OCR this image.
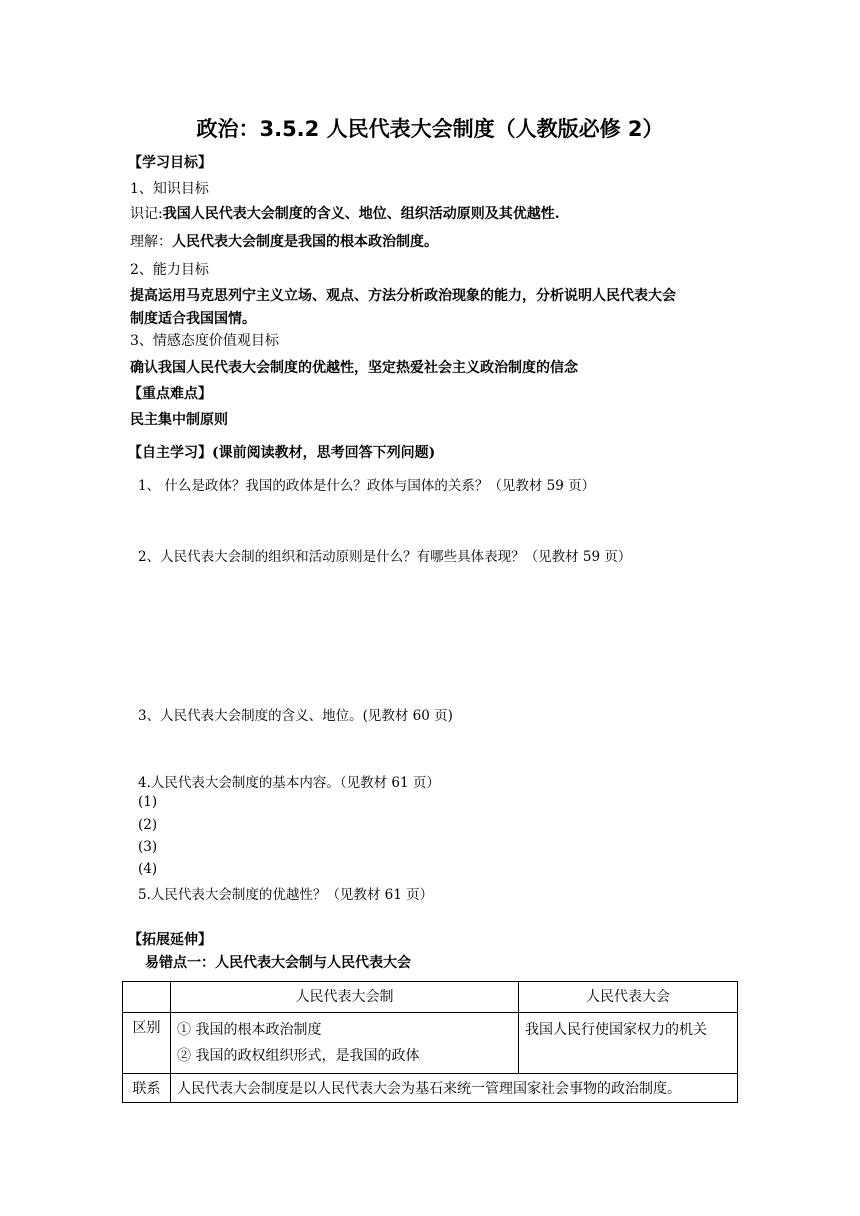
政治：3.5.2 人民代表大会制度（人教版必修 2）
【学习目标】
1、知识目标
识记:我国人民代表大会制度的含义、地位、组织活动原则及其优越性.
理解：人民代表大会制度是我国的根本政治制度。
2、能力目标
提高运用马克思列宁主义立场、观点、方法分析政治现象的能力，分析说明人民代表大会
制度适合我国国情。
3、情感态度价值观目标
确认我国人民代表大会制度的优越性，坚定热爱社会主义政治制度的信念
【重点难点】
民主集中制原则
【自主学习】(课前阅读教材，思考回答下列问题)
1、 什么是政体？我国的政体是什么？政体与国体的关系？（见教材 59 页）
2、人民代表大会制的组织和活动原则是什么？有哪些具体表现？（见教材 59 页）
3、人民代表大会制度的含义、地位。(见教材 60 页)
4.人民代表大会制度的基本内容。（见教材 61 页）
(1)
(2)
(3)
(4)
5.人民代表大会制度的优越性？（见教材 61 页）
【拓展延伸】
易错点一：人民代表大会制与人民代表大会
	人民代表大会制	人民代表大会
区别	① 我国的根本政治制度
② 我国的政权组织形式，是我国的政体	我国人民行使国家权力的机关

联系	人民代表大会制度是以人民代表大会为基石来统一管理国家社会事物的政治制度。	
